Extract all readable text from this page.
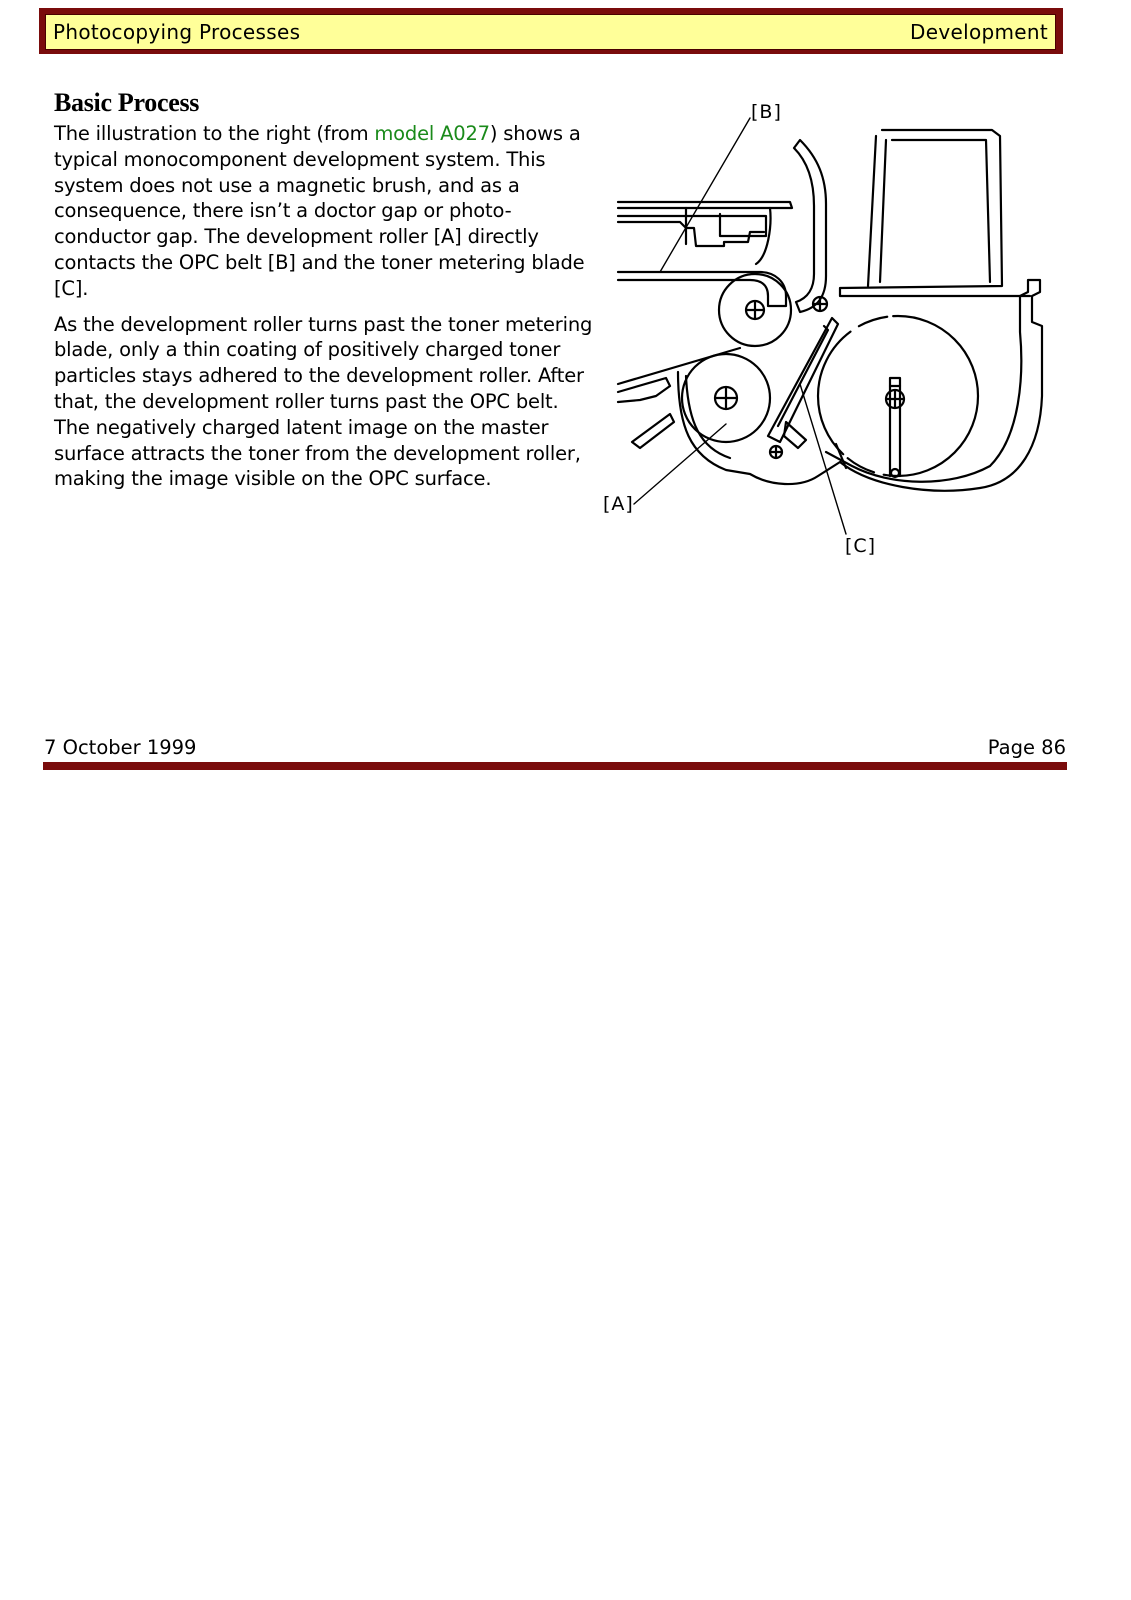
Photocopying Processes	Development
Basic Process

The illustration to the right (from model A027) shows a typical monocomponent development system. This system does not use a magnetic brush, and as a consequence, there isn’t a doctor gap or photo-conductor gap. The development roller [A] directly contacts the OPC belt [B] and the toner metering blade [C].

As the development roller turns past the toner metering blade, only a thin coating of positively charged toner particles stays adhered to the development roller. After that, the development roller turns past the OPC belt. The negatively charged latent image on the master surface attracts the toner from the development roller, making the image visible on the OPC surface.

[B]
[A]
[C]
7 October 1999	Page 86
